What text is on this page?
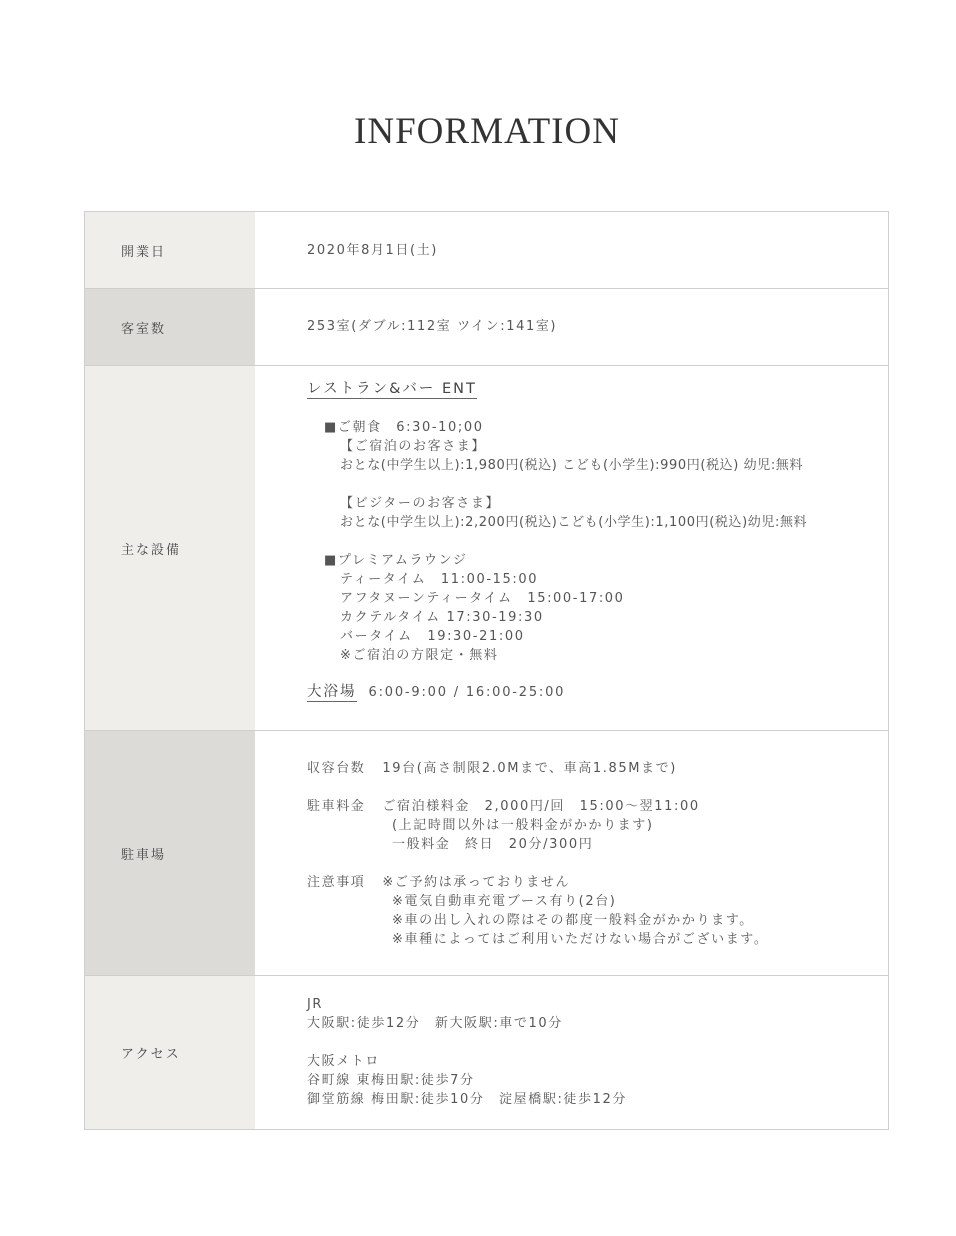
INFORMATION
開業日	2020年8月1日(土)
客室数	253室(ダブル:112室 ツイン:141室)
主な設備
レストラン&バー ENT
■ご朝食　6:30-10;00
【ご宿泊のお客さま】
おとな(中学生以上):1,980円(税込) こども(小学生):990円(税込) 幼児:無料
【ビジターのお客さま】
おとな(中学生以上):2,200円(税込)こども(小学生):1,100円(税込)幼児:無料
■プレミアムラウンジ
ティータイム　11:00-15:00
アフタヌーンティータイム　15:00-17:00
カクテルタイム 17:30-19:30
バータイム　19:30-21:00
※ご宿泊の方限定・無料
大浴場 6:00-9:00 / 16:00-25:00
駐車場
収容台数 19台(高さ制限2.0Mまで、車高1.85Mまで)
駐車料金 ご宿泊様料金　2,000円/回　15:00〜翌11:00
(上記時間以外は一般料金がかかります)
一般料金　終日　20分/300円
注意事項 ※ご予約は承っておりません
※電気自動車充電ブース有り(2台)
※車の出し入れの際はその都度一般料金がかかります。
※車種によってはご利用いただけない場合がございます。
アクセス
JR
大阪駅:徒歩12分　新大阪駅:車で10分
大阪メトロ
谷町線 東梅田駅:徒歩7分
御堂筋線 梅田駅:徒歩10分　淀屋橋駅:徒歩12分
